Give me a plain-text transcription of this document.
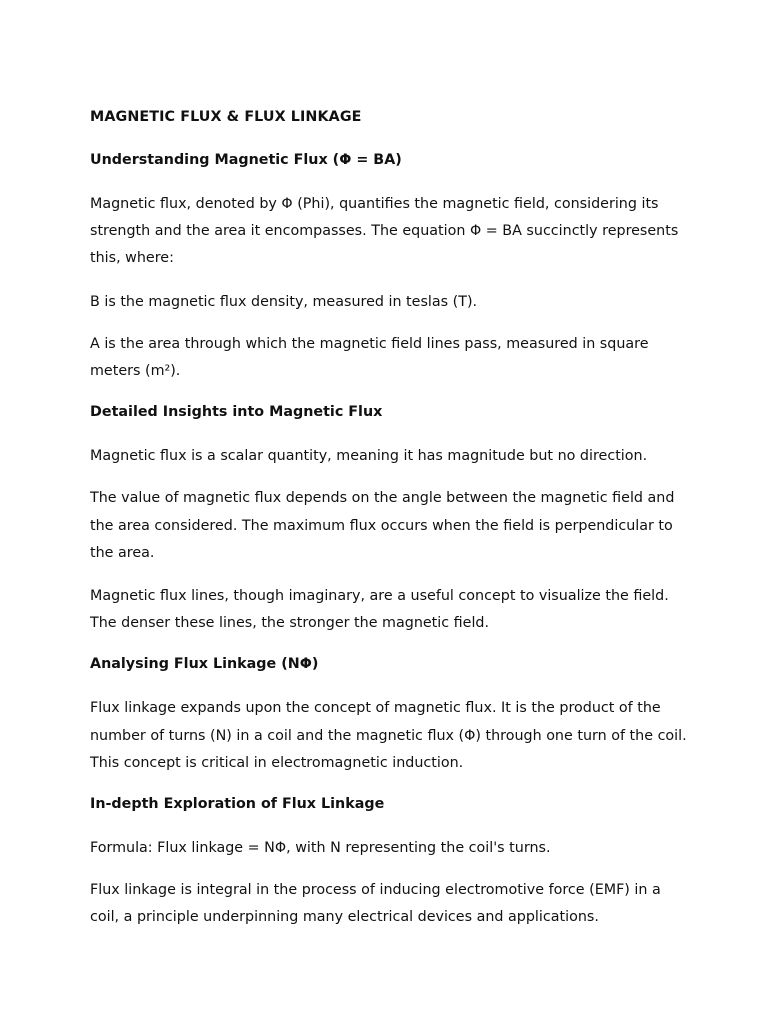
MAGNETIC FLUX & FLUX LINKAGE
Understanding Magnetic Flux (Φ = BA)

Magnetic flux, denoted by Φ (Phi), quantifies the magnetic field, considering its strength and the area it encompasses. The equation Φ = BA succinctly represents this, where:

B is the magnetic flux density, measured in teslas (T).

A is the area through which the magnetic field lines pass, measured in square meters (m²).

Detailed Insights into Magnetic Flux

Magnetic flux is a scalar quantity, meaning it has magnitude but no direction.

The value of magnetic flux depends on the angle between the magnetic field and the area considered. The maximum flux occurs when the field is perpendicular to the area.

Magnetic flux lines, though imaginary, are a useful concept to visualize the field. The denser these lines, the stronger the magnetic field.

Analysing Flux Linkage (NΦ)

Flux linkage expands upon the concept of magnetic flux. It is the product of the number of turns (N) in a coil and the magnetic flux (Φ) through one turn of the coil. This concept is critical in electromagnetic induction.

In-depth Exploration of Flux Linkage

Formula: Flux linkage = NΦ, with N representing the coil's turns.

Flux linkage is integral in the process of inducing electromotive force (EMF) in a coil, a principle underpinning many electrical devices and applications.
